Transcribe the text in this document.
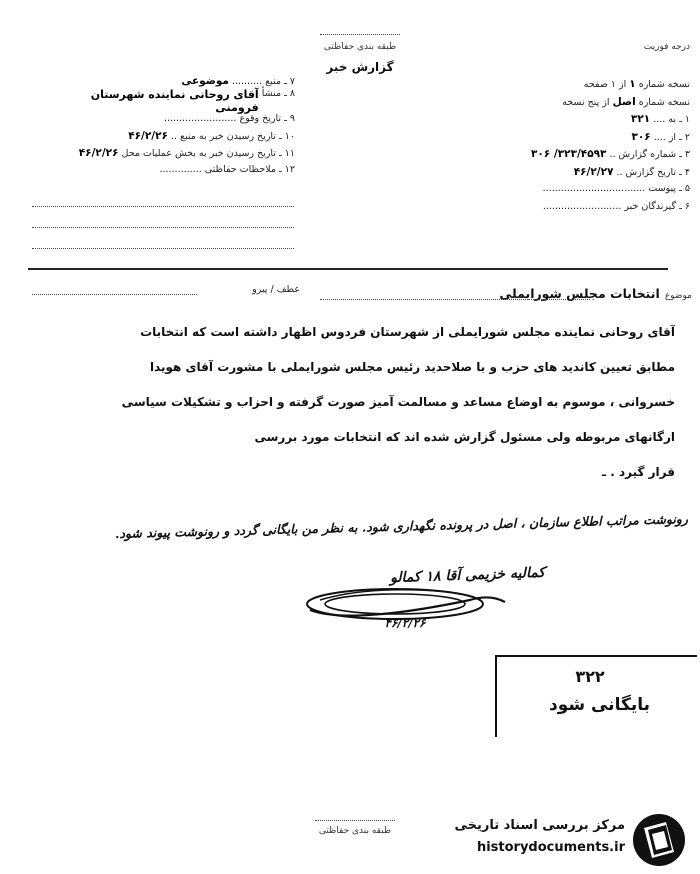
طبقه بندی حفاظتی
گزارش خبر
درجه فوریت
نسخه شماره ۱ از ۱ صفحه
نسخه شماره اصل از پنج نسخه
۱ ـ به .... ۳۲۱
۲ ـ از .... ۳۰۶
۳ ـ شماره گزارش .. ۳۲۳/۴۵۹۳/ ۳۰۶
۴ ـ تاریخ گزارش .. ۴۶/۲/۲۷
۵ ـ پیوست ..................................
۶ ـ گیرندگان خبر ..........................
۷ ـ منبع .......... موضوعی
۸ ـ منشأ آقای روحانی نماینده شهرستان فرومنی
۹ ـ تاریخ وقوع ........................
۱۰ ـ تاریخ رسیدن خبر به منبع .. ۴۶/۲/۲۶
۱۱ ـ تاریخ رسیدن خبر به بخش عملیات محل ۴۶/۲/۲۶
۱۲ ـ ملاحظات حفاظتی ..............
عطف / پیرو
موضوع انتخابات مجلس شورایملی
آقای روحانی نماینده مجلس شورایملی از شهرستان فردوس اظهار داشته است که انتخابات
مطابق تعیین کاندید های حزب و با صلاحدید رئیس مجلس شورایملی با مشورت آقای هویدا
خسروانی ، موسوم به اوضاع مساعد و مسالمت آمیز صورت گرفته و احزاب و تشکیلات سیاسی
ارگانهای مربوطه ولی مسئول گزارش شده اند که انتخابات مورد بررسی
قرار گیرد . ـ
رونوشت مراتب اطلاع سازمان ، اصل در پرونده نگهداری شود. به نظر من بایگانی گردد و رونوشت پیوند شود.
کمالیه خزیمی آقا ۱۸ کمالو
۴۶/۲/۲۶
۳۲۲
بایگانی شود
طبقه بندی حفاظتی	مرکز بررسی اسناد تاریخی
historydocuments.ir
